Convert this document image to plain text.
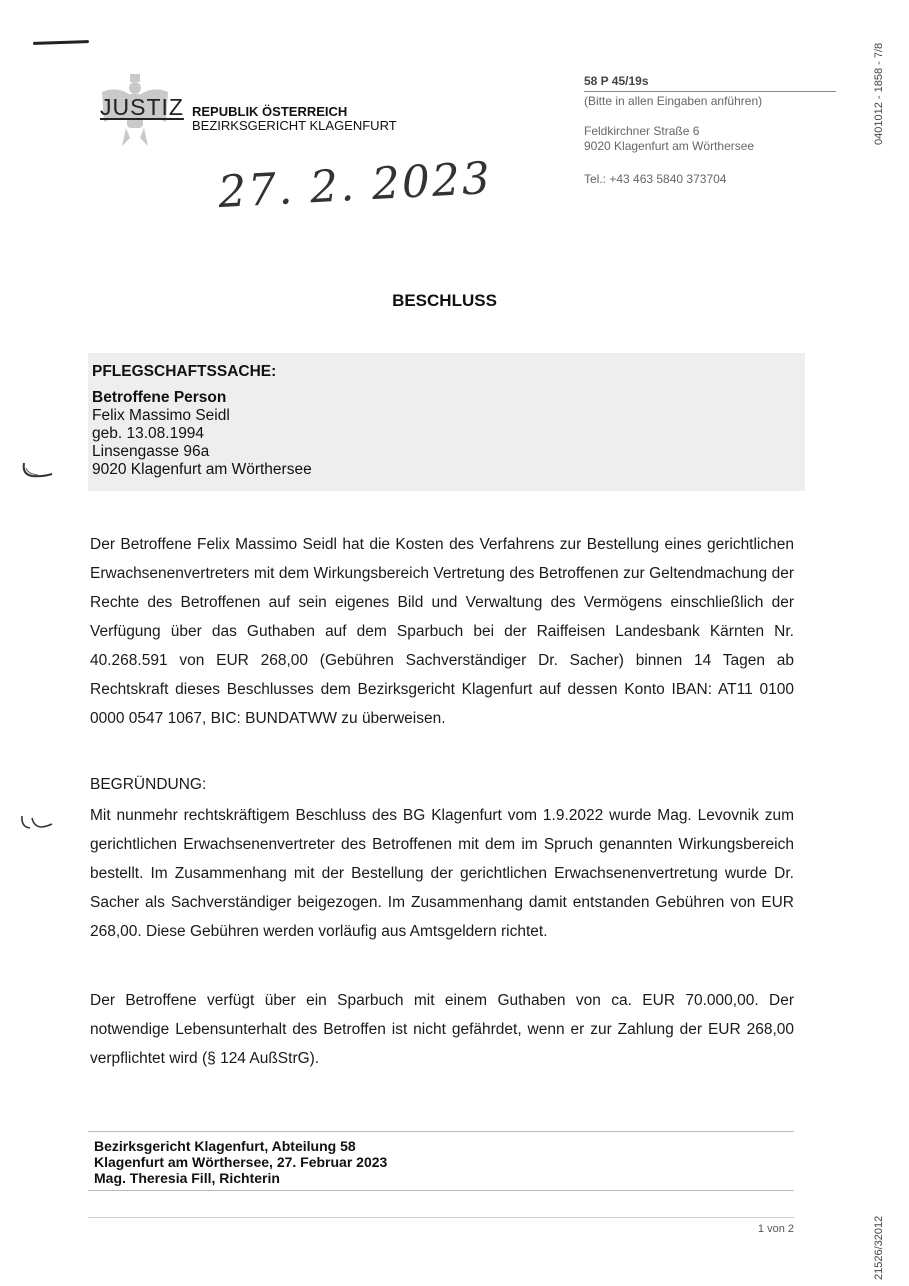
JUSTIZ REPUBLIK ÖSTERREICH
BEZIRKSGERICHT KLAGENFURT
27. 2. 2023
58 P 45/19s
(Bitte in allen Eingaben anführen)
Feldkirchner Straße 6
9020 Klagenfurt am Wörthersee
Tel.: +43 463 5840 373704
0401012 - 1858 - 7/8
21526/32012
BESCHLUSS
PFLEGSCHAFTSSACHE:
Betroffene Person
Felix Massimo Seidl
geb. 13.08.1994
Linsengasse 96a
9020 Klagenfurt am Wörthersee
Der Betroffene Felix Massimo Seidl hat die Kosten des Verfahrens zur Bestellung eines gerichtlichen Erwachsenenvertreters mit dem Wirkungsbereich Vertretung des Betroffenen zur Geltendmachung der Rechte des Betroffenen auf sein eigenes Bild und Verwaltung des Vermögens einschließlich der Verfügung über das Guthaben auf dem Sparbuch bei der Raiffeisen Landesbank Kärnten Nr. 40.268.591 von EUR 268,00 (Gebühren Sachverständiger Dr. Sacher) binnen 14 Tagen ab Rechtskraft dieses Beschlusses dem Bezirksgericht Klagenfurt auf dessen Konto IBAN: AT11 0100 0000 0547 1067, BIC: BUNDATWW zu überweisen.
BEGRÜNDUNG:
Mit nunmehr rechtskräftigem Beschluss des BG Klagenfurt vom 1.9.2022 wurde Mag. Levovnik zum gerichtlichen Erwachsenenvertreter des Betroffenen mit dem im Spruch genannten Wirkungsbereich bestellt. Im Zusammenhang mit der Bestellung der gerichtlichen Erwachsenenvertretung wurde Dr. Sacher als Sachverständiger beigezogen. Im Zusammenhang damit entstanden Gebühren von EUR 268,00. Diese Gebühren werden vorläufig aus Amtsgeldern richtet.
Der Betroffene verfügt über ein Sparbuch mit einem Guthaben von ca. EUR 70.000,00. Der notwendige Lebensunterhalt des Betroffen ist nicht gefährdet, wenn er zur Zahlung der EUR 268,00 verpflichtet wird (§ 124 AußStrG).
Bezirksgericht Klagenfurt, Abteilung 58
Klagenfurt am Wörthersee, 27. Februar 2023
Mag. Theresia Fill, Richterin
1 von 2
